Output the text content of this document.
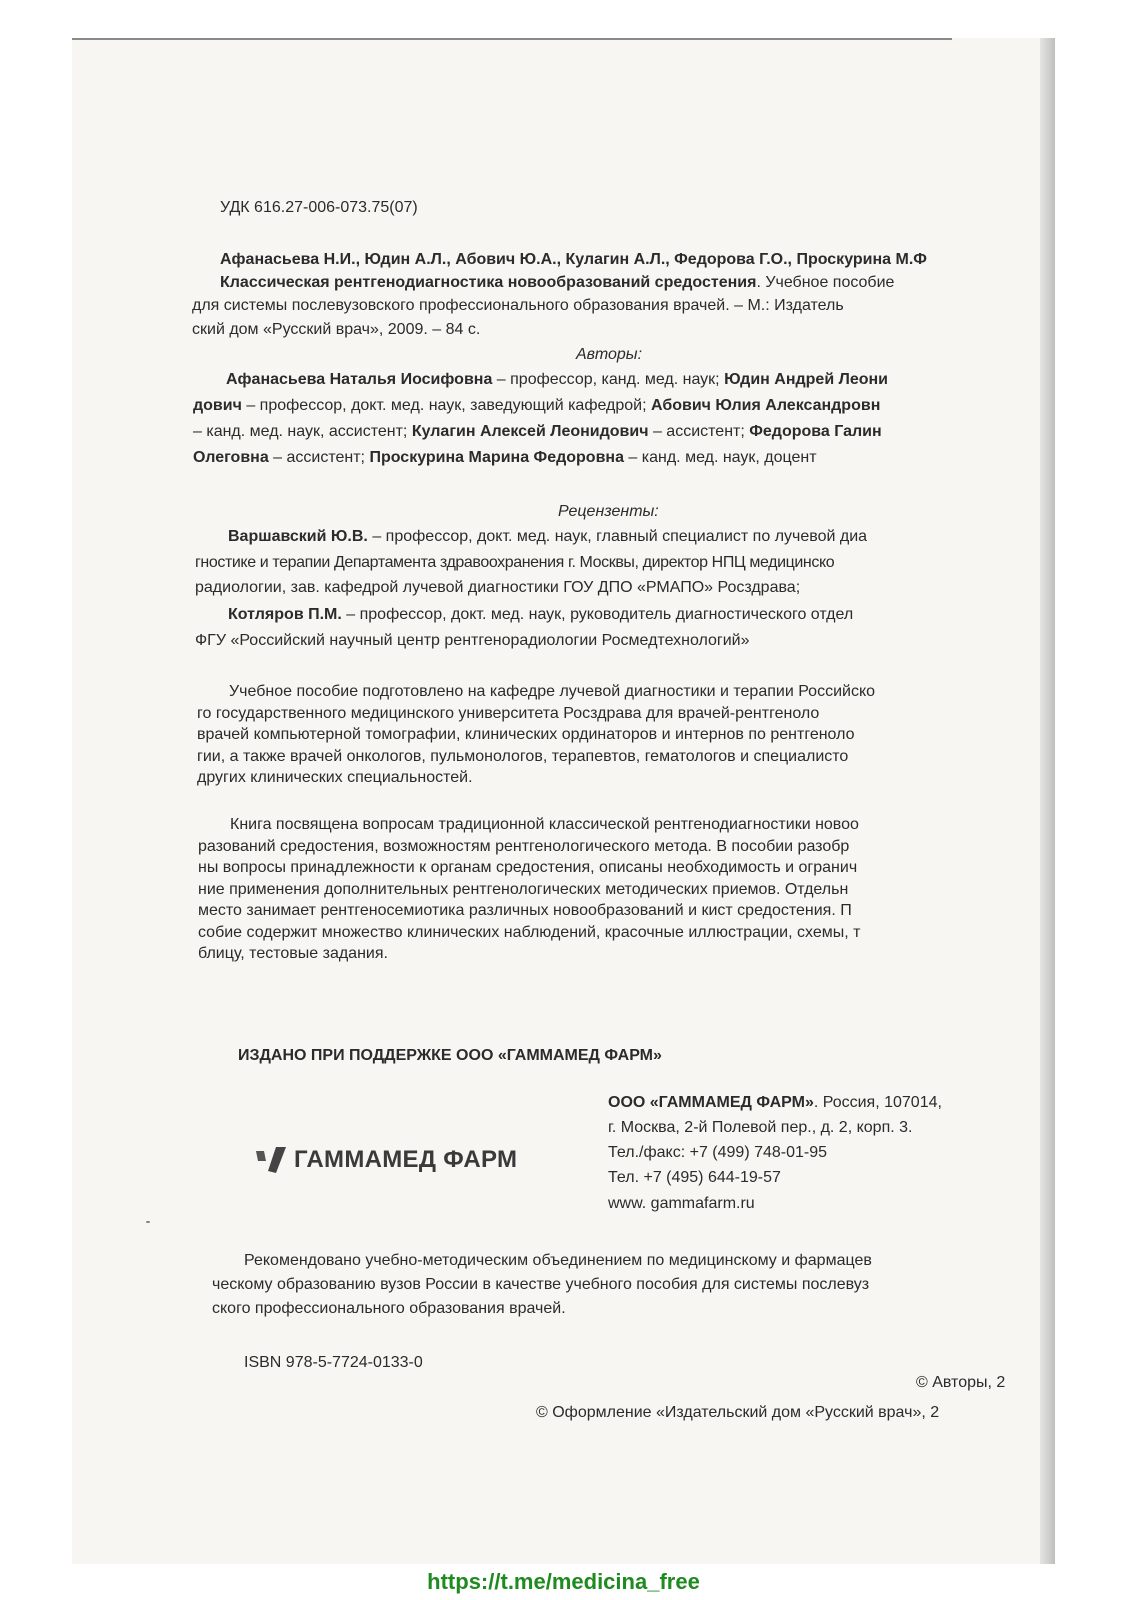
УДК 616.27-006-073.75(07)
Афанасьева Н.И., Юдин А.Л., Абович Ю.А., Кулагин А.Л., Федорова Г.О., Проскурина М.Ф
Классическая рентгенодиагностика новообразований средостения. Учебное пособие
для системы послевузовского профессионального образования врачей. – М.: Издатель
ский дом «Русский врач», 2009. – 84 с.
Авторы:
Афанасьева Наталья Иосифовна – профессор, канд. мед. наук; Юдин Андрей Леони
дович – профессор, докт. мед. наук, заведующий кафедрой; Абович Юлия Александровн
– канд. мед. наук, ассистент; Кулагин Алексей Леонидович – ассистент; Федорова Галин
Олеговна – ассистент; Проскурина Марина Федоровна – канд. мед. наук, доцент
Рецензенты:
Варшавский Ю.В. – профессор, докт. мед. наук, главный специалист по лучевой диа
гностике и терапии Департамента здравоохранения г. Москвы, директор НПЦ медицинско
радиологии, зав. кафедрой лучевой диагностики ГОУ ДПО «РМАПО» Росздрава;
Котляров П.М. – профессор, докт. мед. наук, руководитель диагностического отдел
ФГУ «Российский научный центр рентгенорадиологии Росмедтехнологий»

Учебное пособие подготовлено на кафедре лучевой диагностики и терапии Российско

го государственного медицинского университета Росздрава для врачей-рентгеноло

врачей компьютерной томографии, клинических ординаторов и интернов по рентгеноло

гии, а также врачей онкологов, пульмонологов, терапевтов, гематологов и специалисто

других клинических специальностей.

Книга посвящена вопросам традиционной классической рентгенодиагностики новоо

разований средостения, возможностям рентгенологического метода. В пособии разобр

ны вопросы принадлежности к органам средостения, описаны необходимость и огранич

ние применения дополнительных рентгенологических методических приемов. Отдельн

место занимает рентгеносемиотика различных новообразований и кист средостения. П

собие содержит множество клинических наблюдений, красочные иллюстрации, схемы, т

блицу, тестовые задания.

ИЗДАНО ПРИ ПОДДЕРЖКЕ ООО «ГАММАМЕД ФАРМ»
ГАММАМЕД ФАРМ
ООО «ГАММАМЕД ФАРМ». Россия, 107014,
г. Москва, 2-й Полевой пер., д. 2, корп. 3.
Тел./факс: +7 (499) 748-01-95
Тел. +7 (495) 644-19-57
www. gammafarm.ru

Рекомендовано учебно-методическим объединением по медицинскому и фармацев

ческому образованию вузов России в качестве учебного пособия для системы послевуз

ского профессионального образования врачей.

ISBN 978-5-7724-0133-0
© Авторы, 2
© Оформление «Издательский дом «Русский врач», 2
https://t.me/medicina_free
